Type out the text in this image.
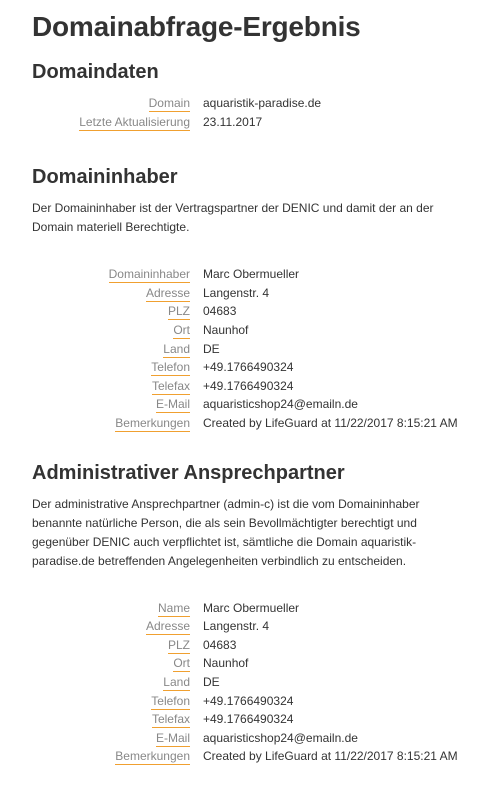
Domainabfrage-Ergebnis
Domaindaten
Domain aquaristik-paradise.de
Letzte Aktualisierung 23.11.2017
Domaininhaber

Der Domaininhaber ist der Vertragspartner der DENIC und damit der an der Domain materiell Berechtigte.

Domaininhaber Marc Obermueller
Adresse Langenstr. 4
PLZ 04683
Ort Naunhof
Land DE
Telefon +49.1766490324
Telefax +49.1766490324
E-Mail aquaristicshop24@emailn.de
Bemerkungen Created by LifeGuard at 11/22/2017 8:15:21 AM
Administrativer Ansprechpartner

Der administrative Ansprechpartner (admin-c) ist die vom Domaininhaber benannte natürliche Person, die als sein Bevollmächtigter berechtigt und gegenüber DENIC auch verpflichtet ist, sämtliche die Domain aquaristik-paradise.de betreffenden Angelegenheiten verbindlich zu entscheiden.

Name Marc Obermueller
Adresse Langenstr. 4
PLZ 04683
Ort Naunhof
Land DE
Telefon +49.1766490324
Telefax +49.1766490324
E-Mail aquaristicshop24@emailn.de
Bemerkungen Created by LifeGuard at 11/22/2017 8:15:21 AM
